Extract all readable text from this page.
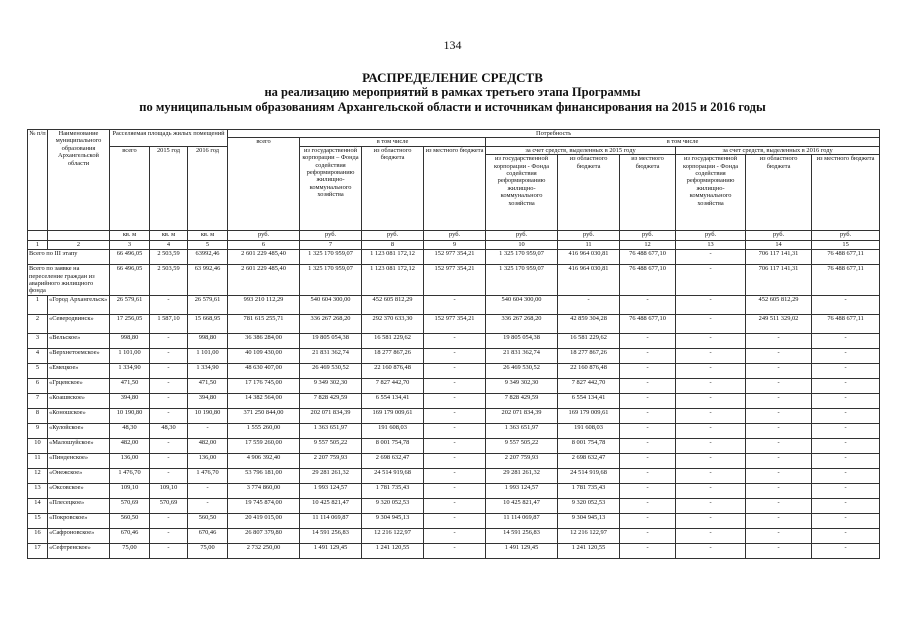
134
РАСПРЕДЕЛЕНИЕ СРЕДСТВ
на реализацию мероприятий в рамках третьего этапа Программы
по муниципальным образованиям Архангельской области и источникам финансирования на 2015 и 2016 годы
№ п/п	Наименование муниципального образования Архангельской области	Расселяемая площадь жилых помещений			Потребность									
					всего	в том числе			в том числе					
		всего	2015 год	2016 год		из государственной корпорации – Фонда содействия реформированию жилищно-коммунального хозяйства	из областного бюджета	из местного бюджета	за счет средств, выделенных в 2015 году			за счет средств, выделенных в 2016 году		
									из государственной корпорации - Фонда содействия реформированию жилищно-коммунального хозяйства	из областного бюджета	из местного бюджета	из государственной корпорации - Фонда содействия реформированию жилищно-коммунального хозяйства	из областного бюджета	из местного бюджета
		кв. м	кв. м	кв. м	руб.	руб.	руб.	руб.	руб.	руб.	руб.	руб.	руб.	руб.
1	2	3	4	5	6	7	8	9	10	11	12	13	14	15
Всего по III этапу		66 496,05	2 503,59	63992,46	2 601 229 485,40	1 325 170 959,07	1 123 081 172,12	152 977 354,21	1 325 170 959,07	416 964 030,81	76 488 677,10	-	706 117 141,31	76 488 677,11
Всего по заявке на переселение граждан из аварийного жилищного фонда		66 496,05	2 503,59	63 992,46	2 601 229 485,40	1 325 170 959,07	1 123 081 172,12	152 977 354,21	1 325 170 959,07	416 964 030,81	76 488 677,10	-	706 117 141,31	76 488 677,11
1	«Город Архангельск»	26 579,61	-	26 579,61	993 210 112,29	540 604 300,00	452 605 812,29	-	540 604 300,00	-	-	-	452 605 812,29	-
2	«Северодвинск»	17 256,05	1 587,10	15 668,95	781 615 255,71	336 267 268,20	292 370 633,30	152 977 354,21	336 267 268,20	42 859 304,28	76 488 677,10	-	249 511 329,02	76 488 677,11
3	«Вельское»	998,80	-	998,80	36 386 284,00	19 805 054,38	16 581 229,62	-	19 805 054,38	16 581 229,62	-	-	-	-
4	«Верхнетоемское»	1 101,00	-	1 101,00	40 109 430,00	21 831 362,74	18 277 867,26	-	21 831 362,74	18 277 867,26	-	-	-	-
5	«Емецкое»	1 334,90	-	1 334,90	48 630 407,00	26 469 530,52	22 160 876,48	-	26 469 530,52	22 160 876,48	-	-	-	-
6	«Грцевское»	471,50	-	471,50	17 176 745,00	9 349 302,30	7 827 442,70	-	9 349 302,30	7 827 442,70	-	-	-	-
7	«Коашвское»	394,80	-	394,80	14 382 564,00	7 828 429,59	6 554 134,41	-	7 828 429,59	6 554 134,41	-	-	-	-
8	«Коношское»	10 190,80	-	10 190,80	371 250 844,00	202 071 834,39	169 179 009,61	-	202 071 834,39	169 179 009,61	-	-	-	-
9	«Кулойское»	48,30	48,30	-	1 555 260,00	1 363 651,97	191 608,03	-	1 363 651,97	191 608,03	-	-	-	-
10	«Малошуйское»	482,00	-	482,00	17 559 260,00	9 557 505,22	8 001 754,78	-	9 557 505,22	8 001 754,78	-	-	-	-
11	«Пинденское»	136,00	-	136,00	4 906 392,40	2 207 759,93	2 698 632,47	-	2 207 759,93	2 698 632,47	-	-	-	-
12	«Онежское»	1 476,70	-	1 476,70	53 796 181,00	29 281 261,32	24 514 919,68	-	29 281 261,32	24 514 919,68	-	-	-	-
13	«Оксовское»	109,10	109,10	-	3 774 860,00	1 993 124,57	1 781 735,43	-	1 993 124,57	1 781 735,43	-	-	-	-
14	«Плесецкое»	570,69	570,69	-	19 745 874,00	10 425 821,47	9 320 052,53	-	10 425 821,47	9 320 052,53	-	-	-	-
15	«Покровское»	560,50	-	560,50	20 419 015,00	11 114 069,87	9 304 945,13	-	11 114 069,87	9 304 945,13	-	-	-	-
16	«Сафроновское»	670,46	-	670,46	26 807 379,80	14 591 256,83	12 216 122,97	-	14 591 256,83	12 216 122,97	-	-	-	-
17	«Сефтренское»	75,00	-	75,00	2 732 250,00	1 491 129,45	1 241 120,55	-	1 491 129,45	1 241 120,55	-	-	-	-
